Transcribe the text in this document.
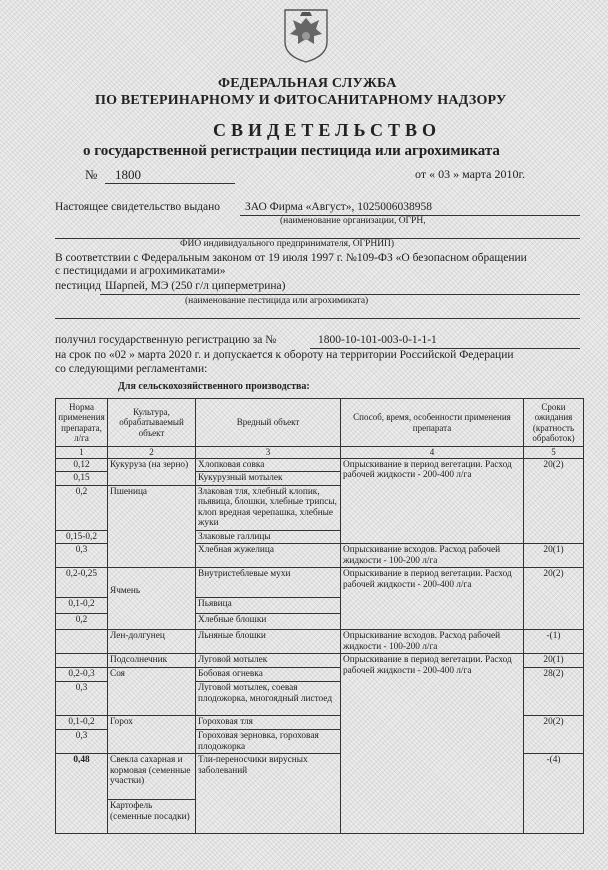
ФЕДЕРАЛЬНАЯ СЛУЖБА
ПО ВЕТЕРИНАРНОМУ И ФИТОСАНИТАРНОМУ НАДЗОРУ
СВИДЕТЕЛЬСТВО
о государственной регистрации пестицида или агрохимиката
№ 1800	от « 03 » марта 2010г.
Настоящее свидетельство выдано ЗАО Фирма «Август», 1025006038958
(наименование организации, ОГРН,
ФИО индивидуального предпринимателя, ОГРНИП)
В соответствии с Федеральным законом от 19 июля 1997 г. №109-ФЗ «О безопасном обращении
с пестицидами и агрохимикатами»
пестицид Шарпей, МЭ (250 г/л циперметрина)
(наименование пестицида или агрохимиката)
получил государственную регистрацию за №	1800-10-101-003-0-1-1-1
на срок по «02 » марта 2020 г. и допускается к обороту на территории Российской Федерации
со следующими регламентами:
Для сельскохозяйственного производства:
Норма применения препарата, л/га	Культура, обрабатываемый объект	Вредный объект	Способ, время, особенности применения препарата	Сроки ожидания (кратность обработок)
1	2	3	4	5
0,12	Кукуруза (на зерно)	Хлопковая совка	Опрыскивание в период вегетации. Расход рабочей жидкости - 200-400 л/га	20(2)
0,15		Кукурузный мотылек		
0,2	Пшеница	Злаковая тля, хлебный клопик, пьявица, блошки, хлебные трипсы, клоп вредная черепашка, хлебные жуки		
0,15-0,2		Злаковые галлицы		
0,3		Хлебная жужелица	Опрыскивание всходов. Расход рабочей жидкости - 100-200 л/га	20(1)
0,2-0,25	Ячмень	Внутристеблевые мухи	Опрыскивание в период вегетации. Расход рабочей жидкости - 200-400 л/га	20(2)
0,1-0,2		Пьявица		
0,2		Хлебные блошки		
	Лен-долгунец	Льняные блошки	Опрыскивание всходов. Расход рабочей жидкости - 100-200 л/га	-(1)
	Подсолнечник	Луговой мотылек	Опрыскивание в период вегетации. Расход рабочей жидкости - 200-400 л/га	20(1)
0,2-0,3	Соя	Бобовая огневка		28(2)
0,3		Луговой мотылек, соевая плодожорка, многоядный листоед		
0,1-0,2	Горох	Гороховая тля		20(2)
0,3		Гороховая зерновка, гороховая плодожорка		
0,48	Свекла сахарная и кормовая (семенные участки)	Тли-переносчики вирусных заболеваний		-(4)
	Картофель (семенные посадки)			
